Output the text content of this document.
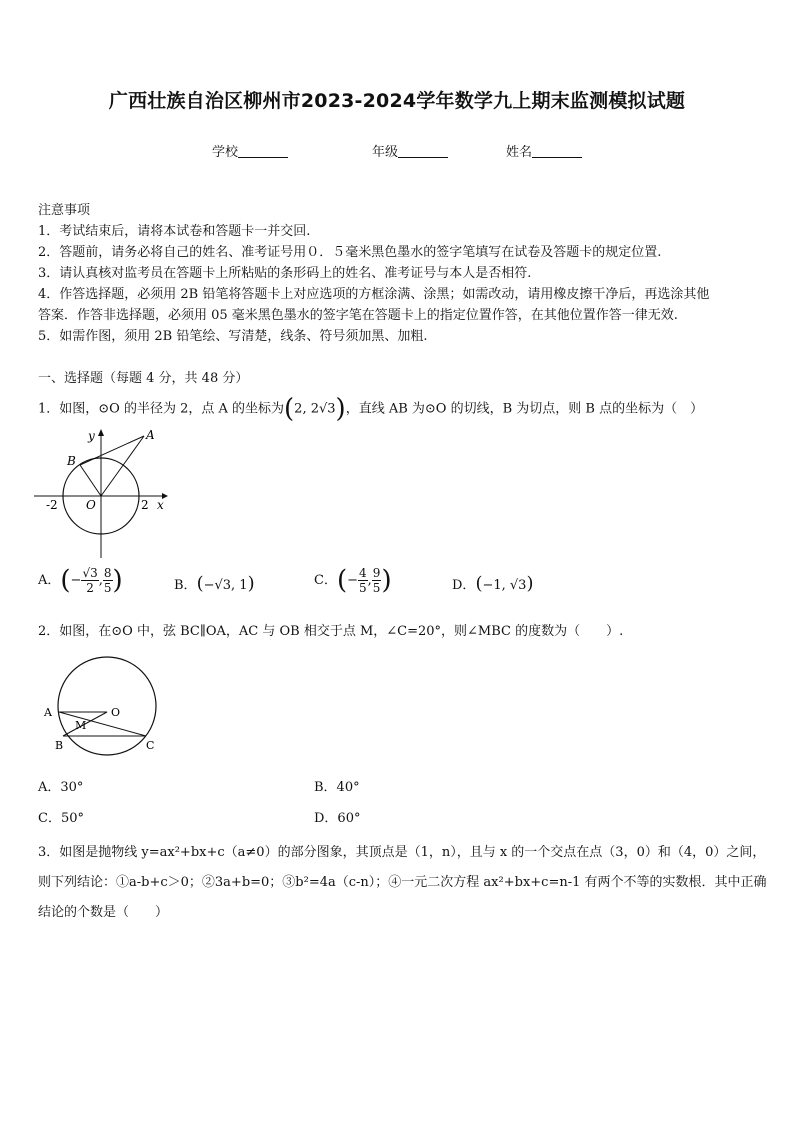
广西壮族自治区柳州市2023-2024学年数学九上期末监测模拟试题
学校	年级	姓名
注意事项
1．考试结束后，请将本试卷和答题卡一并交回.
2．答题前，请务必将自己的姓名、准考证号用０．５毫米黑色墨水的签字笔填写在试卷及答题卡的规定位置.
3．请认真核对监考员在答题卡上所粘贴的条形码上的姓名、准考证号与本人是否相符.
4．作答选择题，必须用 2B 铅笔将答题卡上对应选项的方框涂满、涂黑；如需改动，请用橡皮擦干净后，再选涂其他
答案．作答非选择题，必须用 05 毫米黑色墨水的签字笔在答题卡上的指定位置作答，在其他位置作答一律无效.
5．如需作图，须用 2B 铅笔绘、写清楚，线条、符号须加黑、加粗.
一、选择题（每题 4 分，共 48 分）
1．如图，⊙O 的半径为 2，点 A 的坐标为(2, 2√3)，直线 AB 为⊙O 的切线，B 为切点，则 B 点的坐标为（　）
y	A
B
O
-2	2 x
A．(− $\frac{√3}{2}$ , $\frac{8}{5}$ )	B．(−√3, 1)	C．(− $\frac{4}{5}$ , $\frac{9}{5}$ )	D．(−1, √3)
2．如图，在⊙O 中，弦 BC∥OA，AC 与 OB 相交于点 M，∠C=20°，则∠MBC 的度数为（　　）.
A	O
M
B	C
A．30°	B．40°
C．50°	D．60°
3．如图是抛物线 y=ax²+bx+c（a≠0）的部分图象，其顶点是（1，n），且与 x 的一个交点在点（3，0）和（4，0）之间，
则下列结论：①a-b+c＞0；②3a+b=0；③b²=4a（c-n）；④一元二次方程 ax²+bx+c=n-1 有两个不等的实数根．其中正确
结论的个数是（　　）
